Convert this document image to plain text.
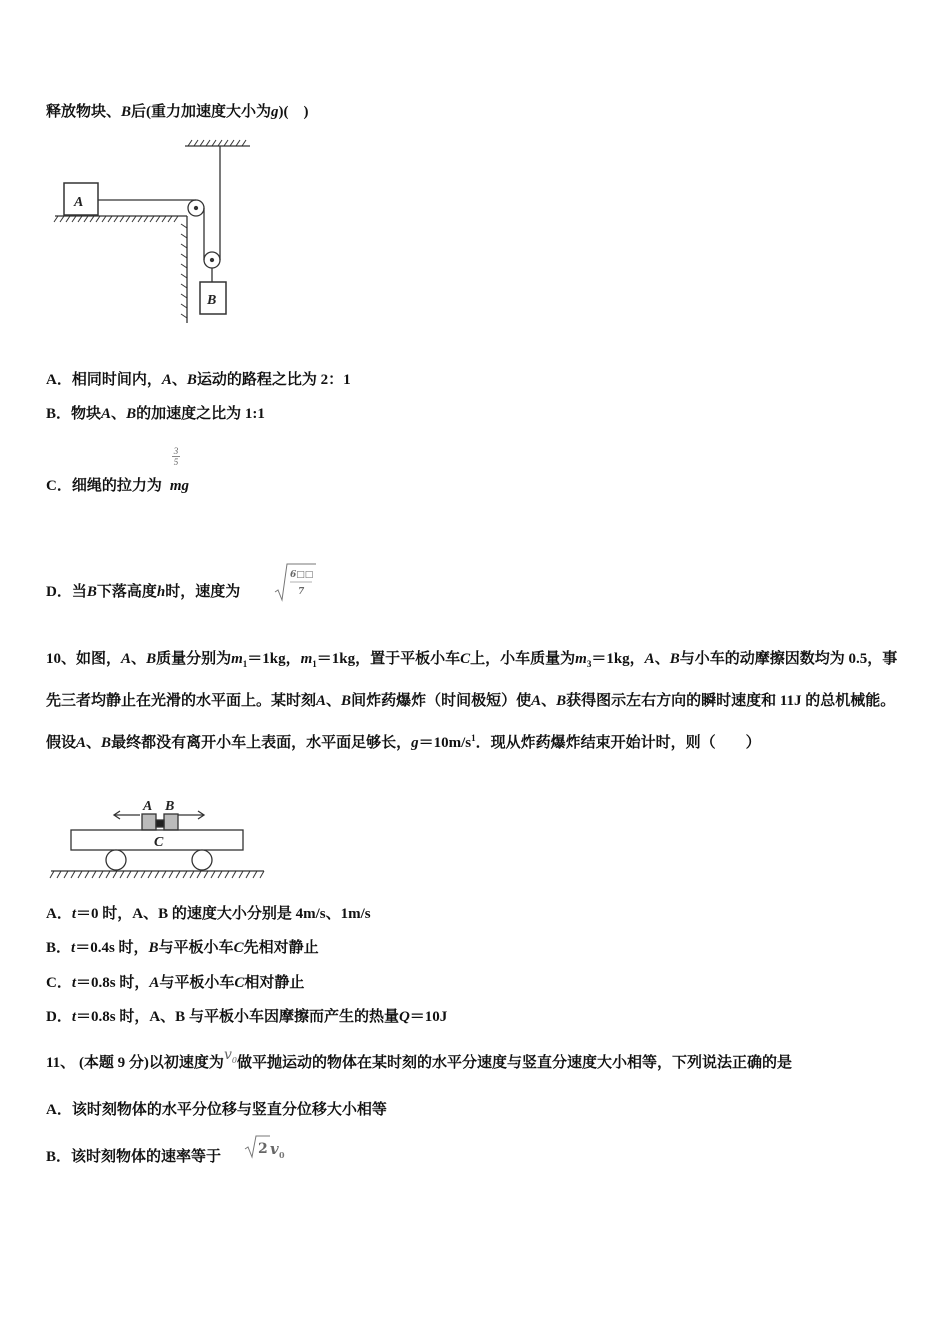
释放物块、B后(重力加速度大小为g)(　)
A
B
A．相同时间内，A、B运动的路程之比为 2：1
B．物块A、B的加速度之比为 1:1
3
5
C．细绳的拉力为 mg
D．当B下落高度h时，速度为
6□□
7
10、如图，A、B质量分别为$m_1=1kg$，$m_1=1kg$，置于平板小车C上，小车质量为$m_3=1kg$，A、B与小车的动摩擦因数均为 0.5，事先三者均静止在光滑的水平面上。某时刻A、B间炸药爆炸（时间极短）使A、B获得图示左右方向的瞬时速度和 11J 的总机械能。假设A、B最终都没有离开小车上表面，水平面足够长，$g=10m/s^1$．现从炸药爆炸结束开始计时，则（　　）
A B
C
A．t＝0 时，A、B 的速度大小分别是 4m/s、1m/s
B．t＝0.4s 时，B与平板小车C先相对静止
C．t＝0.8s 时，A与平板小车C相对静止
D．t＝0.8s 时，A、B 与平板小车因摩擦而产生的热量Q＝10J
11、 (本题 9 分)以初速度为$v_0$做平抛运动的物体在某时刻的水平分速度与竖直分速度大小相等，下列说法正确的是
A．该时刻物体的水平分位移与竖直分位移大小相等
B．该时刻物体的速率等于	2 v 0
